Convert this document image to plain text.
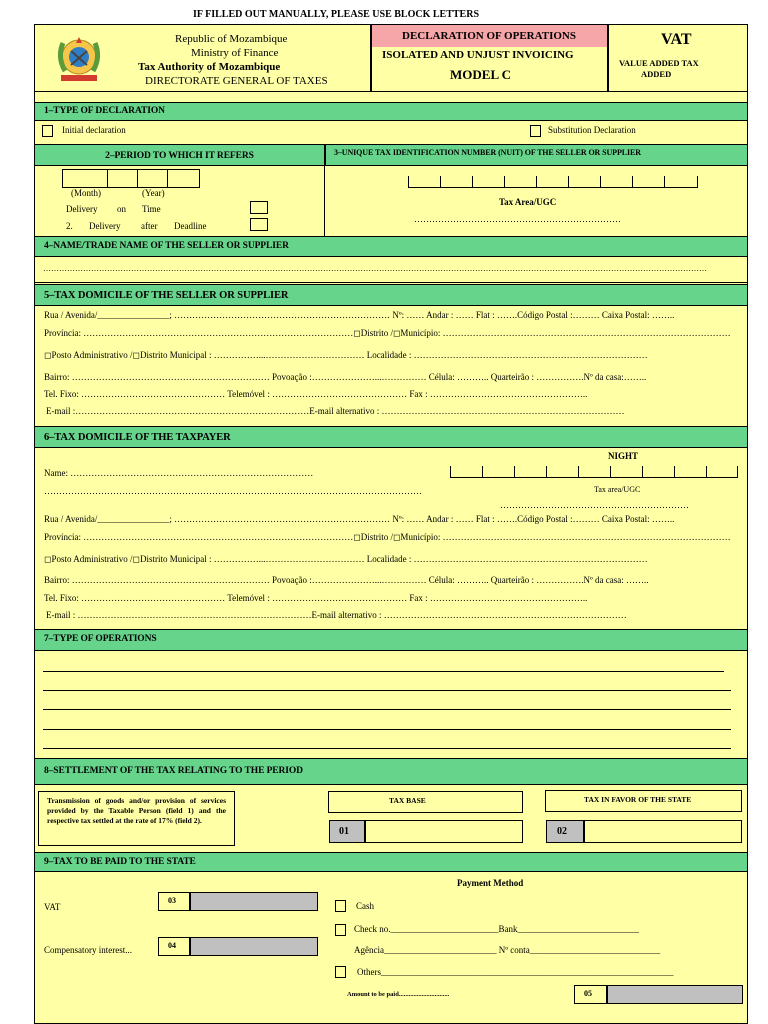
IF FILLED OUT MANUALLY, PLEASE USE BLOCK LETTERS
Republic of Mozambique
Ministry of Finance
Tax Authority of Mozambique
DIRECTORATE GENERAL OF TAXES
DECLARATION OF OPERATIONS
ISOLATED AND UNJUST INVOICING
MODEL C
VAT
VALUE ADDED TAX
ADDED
1–TYPE OF DECLARATION
Initial declaration	Substitution Declaration
2–PERIOD TO WHICH IT REFERS	3–UNIQUE TAX IDENTIFICATION NUMBER (NUIT) OF THE SELLER OR SUPPLIER
(Month)	(Year)
Delivery on Time
2. Delivery after Deadline
Tax Area/UGC
……………………………………………………………
4–NAME/TRADE NAME OF THE SELLER OR SUPPLIER
……………………………………………………………………………………………………………………………………………………………………………………………………………………………
5–TAX DOMICILE OF THE SELLER OR SUPPLIER
Rua / Avenida/________________; ……………………………………………………………… Nº: …… Andar : …… Flat : …….Código Postal :……… Caixa Postal: ……..
Província: ………………………………………………………………………………◻Distrito /◻Município: ……………………………………………………………………………………
◻Posto Administrativo /◻Distrito Municipal : ……………...…………………………… Localidade : ……………………………………………………………………
Bairro: ………………………………………………………… Povoação :…………………...…………… Célula: ……….. Quarteirão : …………….Nº da casa:……..
Tel. Fixo: ………………………………………… Telemóvel : ……………………………………… Fax : ……………………………………………..
E-mail :……………………………………………………………………E-mail alternativo : ………………………………………………………………………
6–TAX DOMICILE OF THE TAXPAYER
NIGHT
Name: ………………………………………………………………………
………………………………………………………………………………………………………………	Tax area/UGC
………………………………………………………
Rua / Avenida/________________; ……………………………………………………………… Nº: …… Andar : …… Flat : …….Código Postal :……… Caixa Postal: ……..
Província: ………………………………………………………………………………◻Distrito /◻Município: ……………………………………………………………………………………
◻Posto Administrativo /◻Distrito Municipal : ……………...…………………………… Localidade : ……………………………………………………………………
Bairro: ………………………………………………………… Povoação :…………………...…………… Célula: ……….. Quarteirão : …………….Nº da casa: ……..
Tel. Fixo: ………………………………………… Telemóvel : ……………………………………… Fax : ……………………………………………..
E-mail : ……………………………………………………………………E-mail alternativo : ………………………………………………………………………
7–TYPE OF OPERATIONS
8–SETTLEMENT OF THE TAX RELATING TO THE PERIOD
Transmission of goods and/or provision of services provided by the Taxable Person (field 1) and the respective tax settled at the rate of 17% (field 2).
TAX BASE	TAX IN FAVOR OF THE STATE
01	02
9–TAX TO BE PAID TO THE STATE
Payment Method
VAT
03
Compensatory interest...	04
Cash
Check no.________________________Bank___________________________
Agência_________________________ Nº conta_____________________________
Others_________________________________________________________________
Amount to be paid...............................	05
